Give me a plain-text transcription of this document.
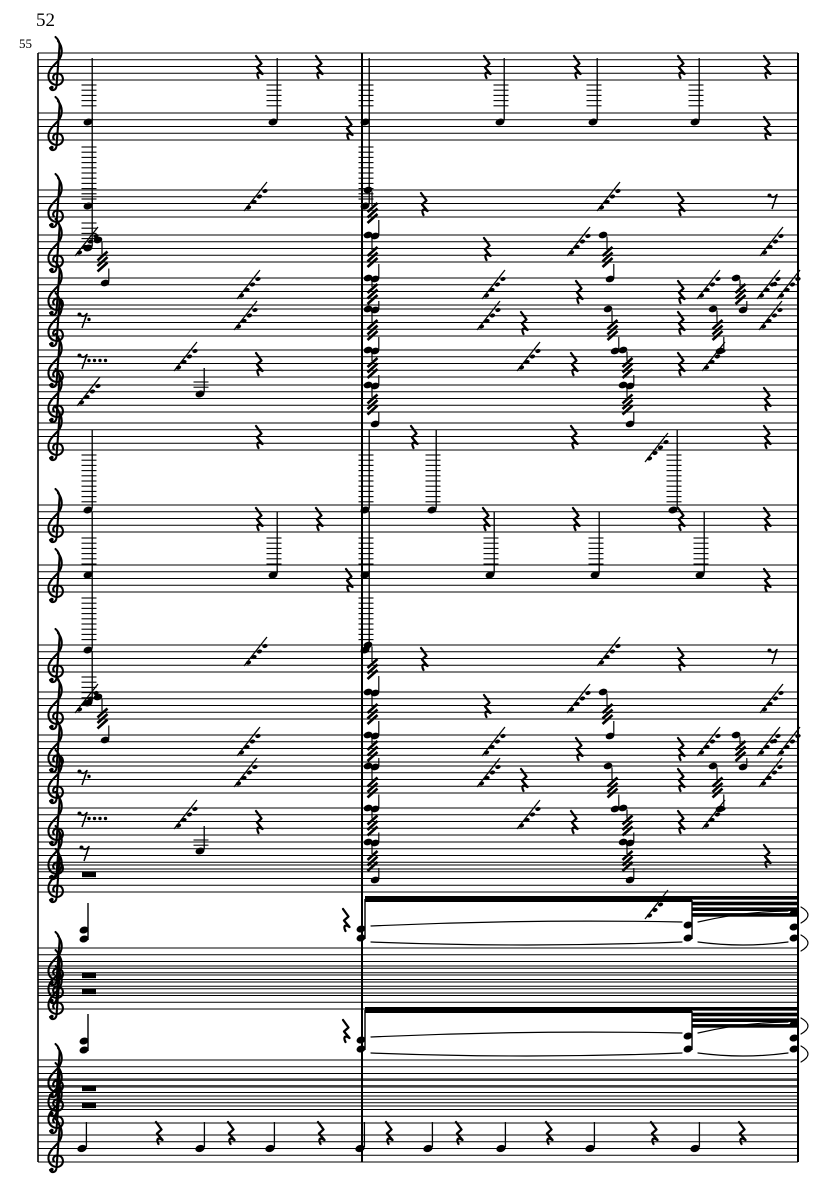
52
55
